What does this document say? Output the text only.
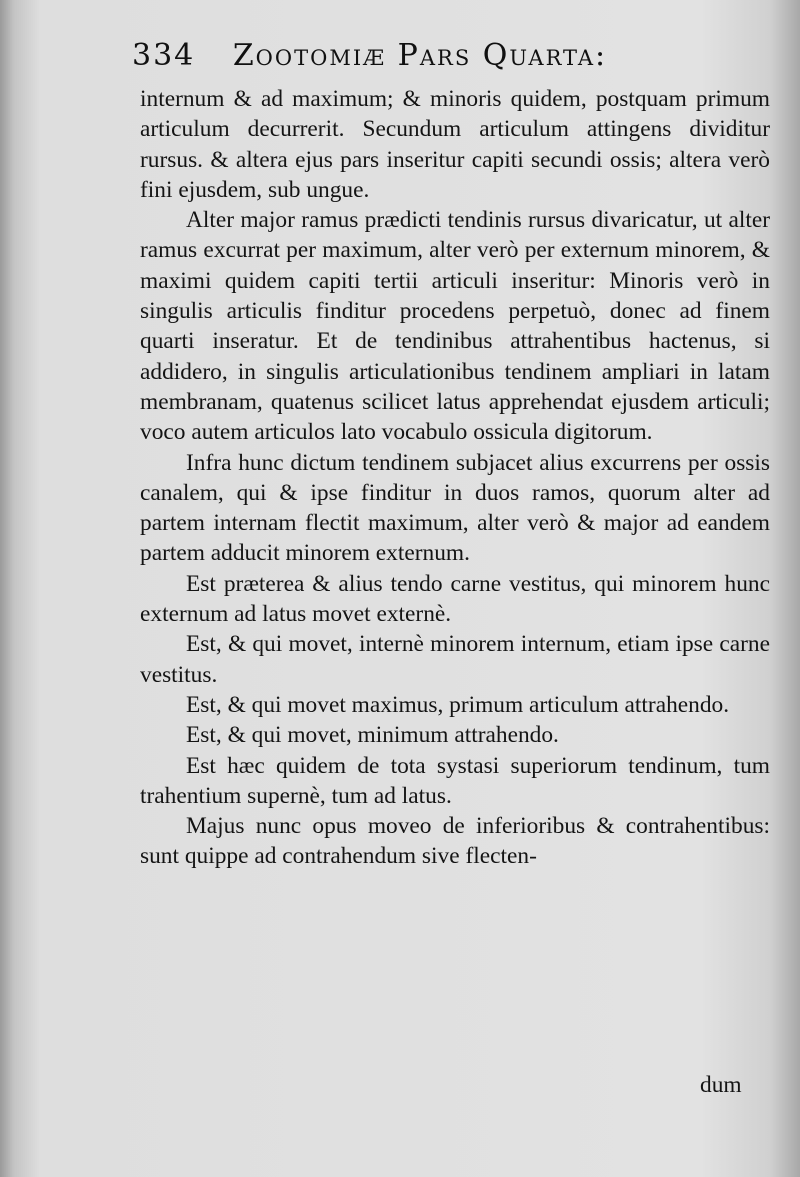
334 Zootomiæ Pars Quarta:

internum & ad maximum; & minoris quidem, postquam primum articulum decurrerit. Secundum articulum attingens dividitur rursus. & altera ejus pars inseritur capiti secundi ossis; altera verò fini ejusdem, sub ungue.

Alter major ramus prædicti tendinis rursus divaricatur, ut alter ramus excurrat per maximum, alter verò per externum minorem, & maximi quidem capiti tertii articuli inseritur: Minoris verò in singulis articulis finditur procedens perpetuò, donec ad finem quarti inseratur. Et de tendinibus attrahentibus hactenus, si addidero, in singulis articulationibus tendinem ampliari in latam membranam, quatenus scilicet latus apprehendat ejusdem articuli; voco autem articulos lato vocabulo ossicula digitorum.

Infra hunc dictum tendinem subjacet alius excurrens per ossis canalem, qui & ipse finditur in duos ramos, quorum alter ad partem internam flectit maximum, alter verò & major ad eandem partem adducit minorem externum.

Est præterea & alius tendo carne vestitus, qui minorem hunc externum ad latus movet externè.

Est, & qui movet, internè minorem internum, etiam ipse carne vestitus.

Est, & qui movet maximus, primum articulum attrahendo.

Est, & qui movet, minimum attrahendo.

Est hæc quidem de tota systasi superiorum tendinum, tum trahentium supernè, tum ad latus.

Majus nunc opus moveo de inferioribus & contrahentibus: sunt quippe ad contrahendum sive flecten-

dum
